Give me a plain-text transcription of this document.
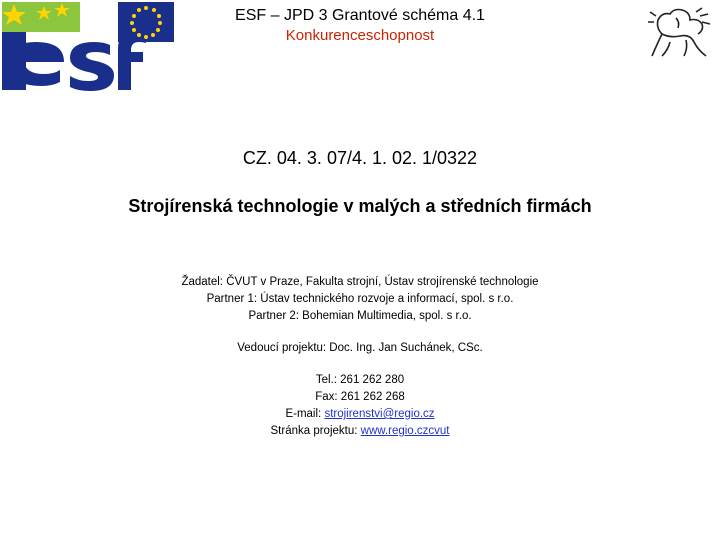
ESF – JPD 3 Grantové schéma 4.1
Konkurenceschopnost
CZ. 04. 3. 07/4. 1. 02. 1/0322
Strojírenská technologie v malých a středních firmách
Žadatel: ČVUT v Praze, Fakulta strojní, Ústav strojírenské technologie
Partner 1: Ústav technického rozvoje a informací, spol. s r.o.
Partner 2: Bohemian Multimedia, spol. s r.o.
Vedoucí projektu: Doc. Ing. Jan Suchánek, CSc.
Tel.: 261 262 280
Fax: 261 262 268
E-mail: strojirenstvi@regio.cz
Stránka projektu: www.regio.czcvut
